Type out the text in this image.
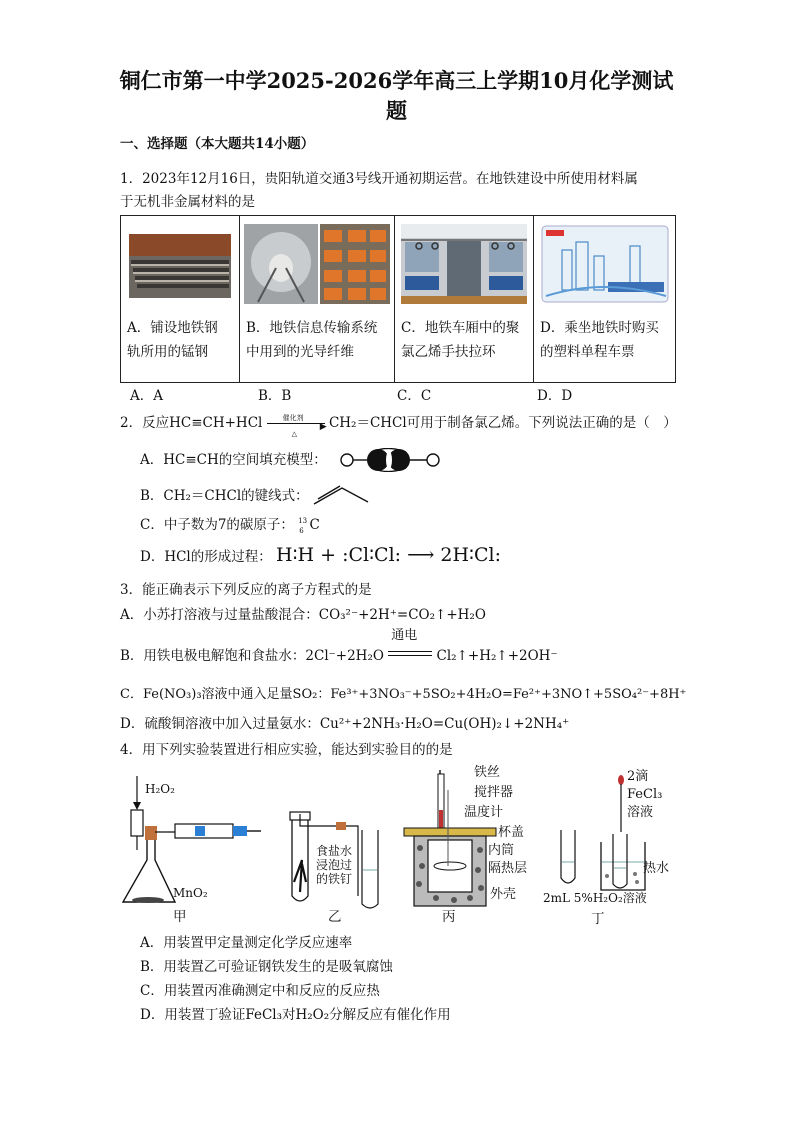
铜仁市第一中学2025-2026学年高三上学期10月化学测试
题
一、选择题（本大题共14小题）
1．2023年12月16日，贵阳轨道交通3号线开通初期运营。在地铁建设中所使用材料属
于无机非金属材料的是
A．铺设地铁钢
轨所用的锰钢

B．地铁信息传输系统
中用到的光导纤维

C．地铁车厢中的聚
氯乙烯手扶拉环

D．乘坐地铁时购买
的塑料单程车票
A．A	B．B	C．C	D．D
2．反应HC≡CH+HCl	催化剂
▶
△
CH₂＝CHCl可用于制备氯乙烯。下列说法正确的是（　）
A．HC≡CH的空间填充模型：
B．CH₂＝CHCl的键线式：
C．中子数为7的碳原子： 13
6 C
D．HCl的形成过程： H∶H + :Cl∶Cl: ⟶ 2H∶Cl:
3．能正确表示下列反应的离子方程式的是
A．小苏打溶液与过量盐酸混合：CO₃²⁻+2H⁺=CO₂↑+H₂O
B．用铁电极电解饱和食盐水：2Cl⁻+2H₂O
通电
Cl₂↑+H₂↑+2OH⁻
C．Fe(NO₃)₃溶液中通入足量SO₂：Fe³⁺+3NO₃⁻+5SO₂+4H₂O=Fe²⁺+3NO↑+5SO₄²⁻+8H⁺
D．硫酸铜溶液中加入过量氨水：Cu²⁺+2NH₃·H₂O=Cu(OH)₂↓+2NH₄⁺
4．用下列实验装置进行相应实验，能达到实验目的的是
H₂O₂
MnO₂
甲
食盐水
浸泡过
的铁钉
乙
铁丝
搅拌器
温度计
杯盖
内筒
隔热层
外壳
丙
2滴
FeCl₃
溶液
热水
2mL 5%H₂O₂溶液
丁
A．用装置甲定量测定化学反应速率
B．用装置乙可验证钢铁发生的是吸氧腐蚀
C．用装置丙准确测定中和反应的反应热
D．用装置丁验证FeCl₃对H₂O₂分解反应有催化作用
